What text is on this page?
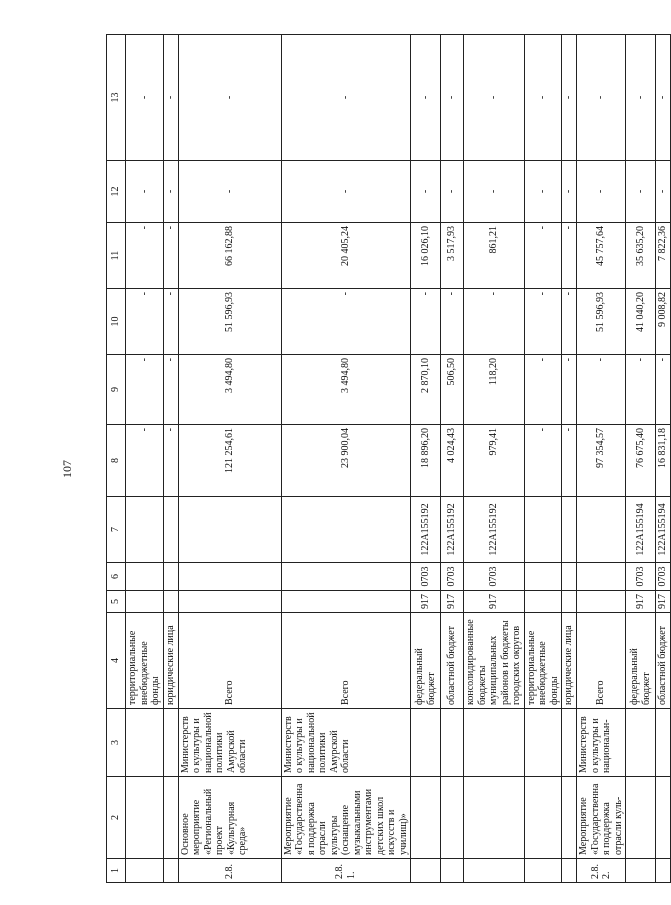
107
1	2	3	4	5	6	7	8	9	10	11	12	13
			территориальные внебюджетные фонды				-	-	-	-	-	-
			юридические лица				-	-	-	-	-	-
2.8.	Основное мероприятие «Региональный проект «Культурная среда»	Министерство культуры и национальной политики Амурской области	Всего				121 254,61	3 494,80	51 596,93	66 162,88	-	-
2.8.1.	Мероприятие «Государственная поддержка отрасли культуры (оснащение музыкальными инструментами детских школ искусств и училищ)»	Министерство культуры и национальной политики Амурской области	Всего				23 900,04	3 494,80	-	20 405,24	-	-
			федеральный бюджет	917	0703	122A155192	18 896,20	2 870,10	-	16 026,10	-	-
			областной бюджет	917	0703	122A155192	4 024,43	506,50	-	3 517,93	-	-
			консолидированные бюджеты муниципальных районов и бюджеты городских округов	917	0703	122A155192	979,41	118,20	-	861,21	-	-
			территориальные внебюджетные фонды				-	-	-	-	-	-
			юридические лица				-	-	-	-	-	-
2.8.2.	Мероприятие «Государственная поддержка отрасли куль-	Министерство культуры и национальн-	Всего				97 354,57	-	51 596,93	45 757,64	-	-
			федеральный бюджет	917	0703	122A155194	76 675,40	-	41 040,20	35 635,20	-	-
			областной бюджет	917	0703	122A155194	16 831,18	-	9 008,82	7 822,36	-	-
